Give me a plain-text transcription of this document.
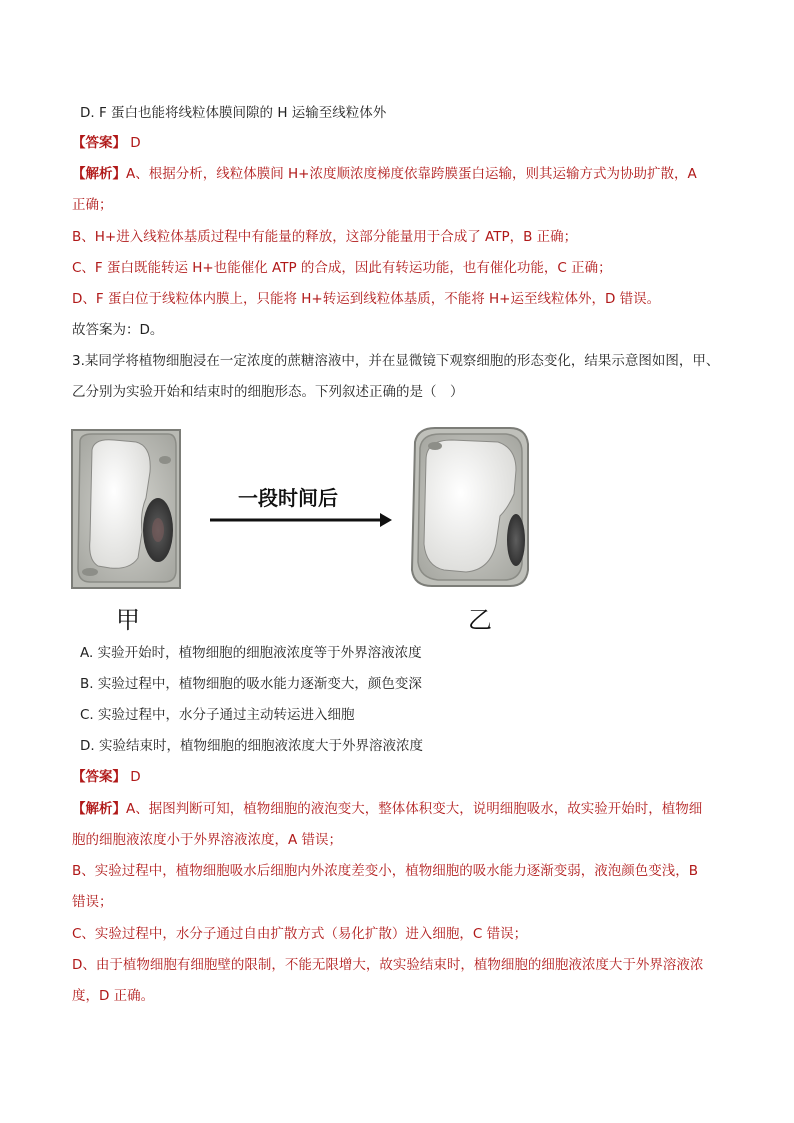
D. F 蛋白也能将线粒体膜间隙的 H 运输至线粒体外
【答案】 D
【解析】A、根据分析，线粒体膜间 H+浓度顺浓度梯度依靠跨膜蛋白运输，则其运输方式为协助扩散，A
正确；
B、H+进入线粒体基质过程中有能量的释放，这部分能量用于合成了 ATP，B 正确；
C、F 蛋白既能转运 H+也能催化 ATP 的合成，因此有转运功能，也有催化功能，C 正确；
D、F 蛋白位于线粒体内膜上，只能将 H+转运到线粒体基质，不能将 H+运至线粒体外，D 错误。
故答案为：D。
3.某同学将植物细胞浸在一定浓度的蔗糖溶液中，并在显微镜下观察细胞的形态变化，结果示意图如图，甲、
乙分别为实验开始和结束时的细胞形态。下列叙述正确的是（　）
一段时间后
甲	乙
A. 实验开始时，植物细胞的细胞液浓度等于外界溶液浓度
B. 实验过程中，植物细胞的吸水能力逐渐变大，颜色变深
C. 实验过程中，水分子通过主动转运进入细胞
D. 实验结束时，植物细胞的细胞液浓度大于外界溶液浓度
【答案】 D
【解析】A、据图判断可知，植物细胞的液泡变大，整体体积变大，说明细胞吸水，故实验开始时，植物细
胞的细胞液浓度小于外界溶液浓度，A 错误；
B、实验过程中，植物细胞吸水后细胞内外浓度差变小，植物细胞的吸水能力逐渐变弱，液泡颜色变浅，B
错误；
C、实验过程中，水分子通过自由扩散方式（易化扩散）进入细胞，C 错误；
D、由于植物细胞有细胞壁的限制，不能无限增大，故实验结束时，植物细胞的细胞液浓度大于外界溶液浓
度，D 正确。
